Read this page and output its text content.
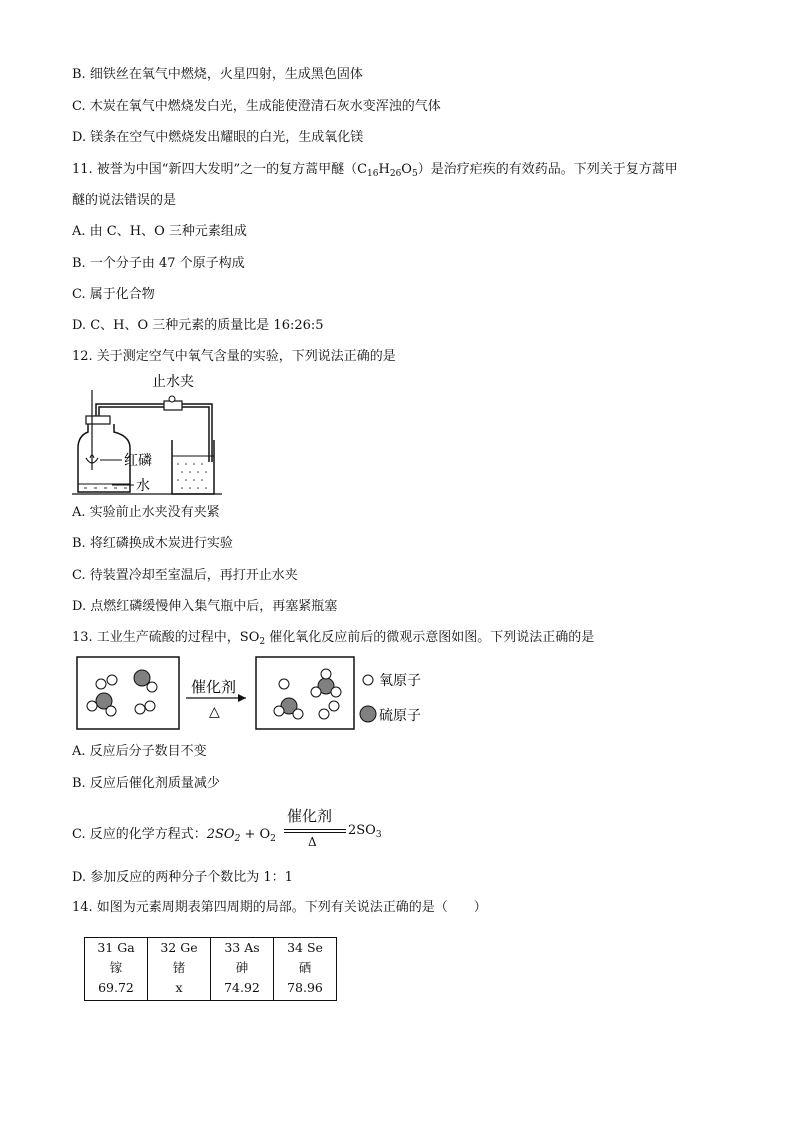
B. 细铁丝在氧气中燃烧，火星四射，生成黑色固体
C. 木炭在氧气中燃烧发白光，生成能使澄清石灰水变浑浊的气体
D. 镁条在空气中燃烧发出耀眼的白光，生成氧化镁
11. 被誉为中国“新四大发明”之一的复方蒿甲醚$(C_{16}H_{26}O_5)$是治疗疟疾的有效药品。下列关于复方蒿甲
醚的说法错误的是
A. 由 C、H、O 三种元素组成
B. 一个分子由 47 个原子构成
C. 属于化合物
D. C、H、O 三种元素的质量比是 16:26:5
12. 关于测定空气中氧气含量的实验，下列说法正确的是
止水夹
红磷
水
A. 实验前止水夹没有夹紧
B. 将红磷换成木炭进行实验
C. 待装置冷却至室温后，再打开止水夹
D. 点燃红磷缓慢伸入集气瓶中后，再塞紧瓶塞
13. 工业生产硫酸的过程中，$SO_2$ 催化氧化反应前后的微观示意图如图。下列说法正确的是
催化剂
△
氧原子
硫原子
A. 反应后分子数目不变
B. 反应后催化剂质量减少
C. 反应的化学方程式：$2SO_2 + O_2$
催化剂
Δ
$2SO_3$
D. 参加反应的两种分子个数比为 1：1
14. 如图为元素周期表第四周期的局部。下列有关说法正确的是（　　）
31 Ga
镓
69.72

32 Ge
锗
x

33 As
砷
74.92

34 Se
硒
78.96
